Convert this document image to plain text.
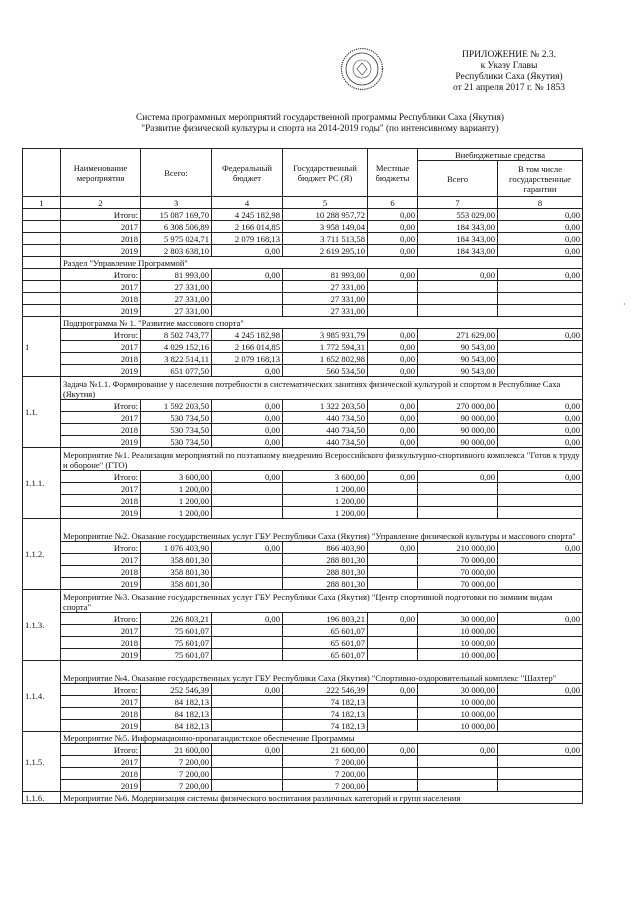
ПРИЛОЖЕНИЕ № 2.3.
к Указу Главы
Республики Саха (Якутия)
от 21 апреля 2017 г. № 1853
Система программных мероприятий государственной программы Республики Саха (Якутия)
"Развитие физической культуры и спорта на 2014-2019 годы" (по интенсивному варианту)
	Наименование мероприятия	Всего:	Федеральный бюджет	Государственный бюджет РС (Я)	Местные бюджеты	Внебюджетные средства	
						Всего	В том числе государственные гарантии
1	2	3	4	5	6	7	8
	Итого:	15 087 169,70	4 245 182,98	10 288 957,72	0,00	553 029,00	0,00
	2017	6 308 506,89	2 166 014,85	3 958 149,04	0,00	184 343,00	0,00
	2018	5 975 024,71	2 079 168,13	3 711 513,58	0,00	184 343,00	0,00
	2019	2 803 638,10	0,00	2 619 295,10	0,00	184 343,00	0,00
	Раздел "Управление Программой"						
	Итого:	81 993,00	0,00	81 993,00	0,00	0,00	0,00
	2017	27 331,00		27 331,00			
	2018	27 331,00		27 331,00			
	2019	27 331,00		27 331,00			
1	Подпрограмма № 1. "Развитие массового спорта"						
	Итого:	8 502 743,77	4 245 182,98	3 985 931,79	0,00	271 629,00	0,00
	2017	4 029 152,16	2 166 014,85	1 772 594,31	0,00	90 543,00	
	2018	3 822 514,11	2 079 168,13	1 652 802,98	0,00	90 543,00	
	2019	651 077,50	0,00	560 534,50	0,00	90 543,00	
1.1.	Задача №1.1. Формирование у населения потребности в систематических занятиях физической культурой и спортом в Республике Саха (Якутия)						
	Итого:	1 592 203,50	0,00	1 322 203,50	0,00	270 000,00	0,00
	2017	530 734,50	0,00	440 734,50	0,00	90 000,00	0,00
	2018	530 734,50	0,00	440 734,50	0,00	90 000,00	0,00
	2019	530 734,50	0,00	440 734,50	0,00	90 000,00	0,00
1.1.1.	Мероприятие №1. Реализация мероприятий по поэтапному внедрению Всероссийского физкультурно-спортивного комплекса "Готов к труду и обороне" (ГТО)						
	Итого:	3 600,00	0,00	3 600,00	0,00	0,00	0,00
	2017	1 200,00		1 200,00			
	2018	1 200,00		1 200,00			
	2019	1 200,00		1 200,00			
1.1.2.	Мероприятие №2. Оказание государственных услуг ГБУ Республики Саха (Якутия) "Управление физической культуры и массового спорта"						
	Итого:	1 076 403,90	0,00	866 403,90	0,00	210 000,00	0,00
	2017	358 801,30		288 801,30		70 000,00	
	2018	358 801,30		288 801,30		70 000,00	
	2019	358 801,30		288 801,30		70 000,00	
1.1.3.	Мероприятие №3. Оказание государственных услуг ГБУ Республики Саха (Якутия) "Центр спортивной подготовки по зимним видам спорта"						
	Итого:	226 803,21	0,00	196 803,21	0,00	30 000,00	0,00
	2017	75 601,07		65 601,07		10 000,00	
	2018	75 601,07		65 601,07		10 000,00	
	2019	75 601,07		65 601,07		10 000,00	
1.1.4.	Мероприятие №4. Оказание государственных услуг ГБУ Республики Саха (Якутия) "Спортивно-оздоровительный комплекс "Шахтер"						
	Итого:	252 546,39	0,00	222 546,39	0,00	30 000,00	0,00
	2017	84 182,13		74 182,13		10 000,00	
	2018	84 182,13		74 182,13		10 000,00	
	2019	84 182,13		74 182,13		10 000,00	
1.1.5.	Мероприятие №5. Информационно-пропагандистское обеспечение Программы						
	Итого:	21 600,00	0,00	21 600,00	0,00	0,00	0,00
	2017	7 200,00		7 200,00			
	2018	7 200,00		7 200,00			
	2019	7 200,00		7 200,00			
1.1.6.	Мероприятие №6. Модернизация системы физического воспитания различных категорий и групп населения						
·
